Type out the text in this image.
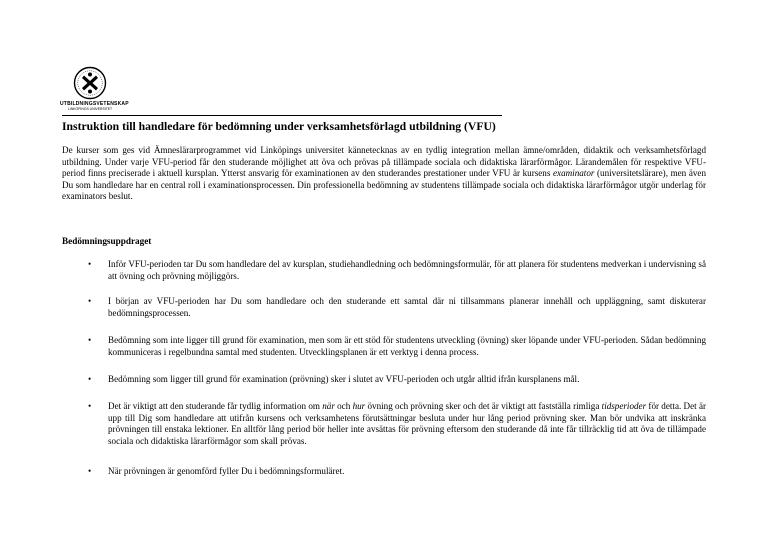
UTBILDNINGSVETENSKAP
LINKÖPINGS UNIVERSITET
Instruktion till handledare för bedömning under verksamhetsförlagd utbildning (VFU)

De kurser som ges vid Ämneslärarprogrammet vid Linköpings universitet kännetecknas av en tydlig integration mellan ämne/områden, didaktik och verksamhetsförlagd utbildning. Under varje VFU-period får den studerande möjlighet att öva och prövas på tillämpade sociala och didaktiska lärarförmågor. Lärandemålen för respektive VFU-period finns preciserade i aktuell kursplan. Ytterst ansvarig för examinationen av den studerandes prestationer under VFU är kursens examinator (universitetslärare), men även Du som handledare har en central roll i examinationsprocessen. Din professionella bedömning av studentens tillämpade sociala och didaktiska lärarförmågor utgör underlag för examinators beslut.

Bedömningsuppdraget
• Inför VFU-perioden tar Du som handledare del av kursplan, studiehandledning och bedömningsformulär, för att planera för studentens medverkan i undervisning så att övning och prövning möjliggörs.
• I början av VFU-perioden har Du som handledare och den studerande ett samtal där ni tillsammans planerar innehåll och uppläggning, samt diskuterar bedömningsprocessen.
• Bedömning som inte ligger till grund för examination, men som är ett stöd för studentens utveckling (övning) sker löpande under VFU-perioden. Sådan bedömning kommuniceras i regelbundna samtal med studenten. Utvecklingsplanen är ett verktyg i denna process.
• Bedömning som ligger till grund för examination (prövning) sker i slutet av VFU-perioden och utgår alltid ifrån kursplanens mål.
• Det är viktigt att den studerande får tydlig information om när och hur övning och prövning sker och det är viktigt att fastställa rimliga tidsperioder för detta. Det är upp till Dig som handledare att utifrån kursens och verksamhetens förutsättningar besluta under hur lång period prövning sker. Man bör undvika att inskränka prövningen till enstaka lektioner. En alltför lång period bör heller inte avsättas för prövning eftersom den studerande då inte får tillräcklig tid att öva de tillämpade sociala och didaktiska lärarförmågor som skall prövas.
• När prövningen är genomförd fyller Du i bedömningsformuläret.
